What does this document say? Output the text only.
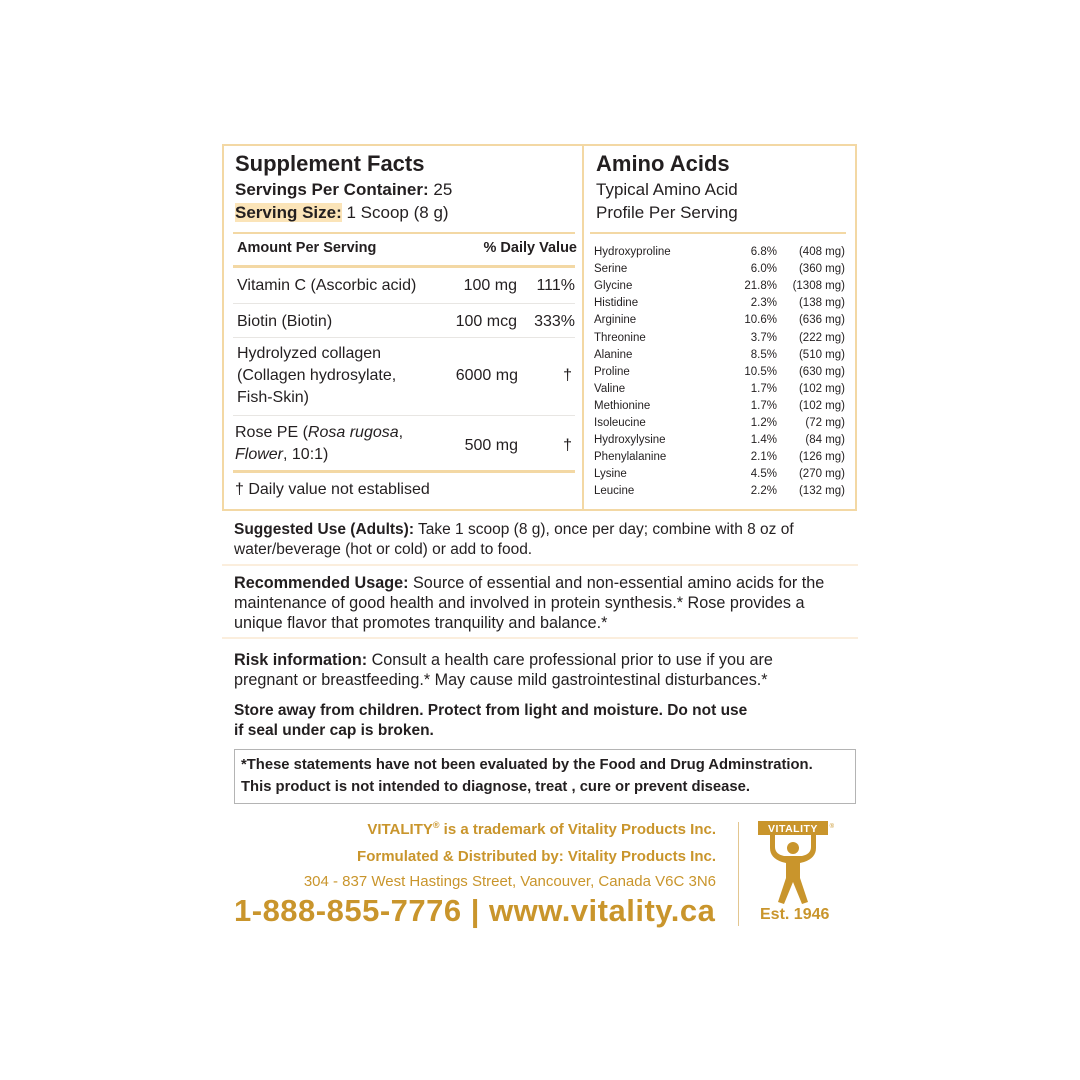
Supplement Facts
Servings Per Container: 25
Serving Size: 1 Scoop (8 g)
Amino Acids
Typical Amino Acid
Profile Per Serving
Amount Per Serving	% Daily Value
Vitamin C (Ascorbic acid)	100 mg 111%
Biotin (Biotin)	100 mcg 333%
Hydrolyzed collagen
(Collagen hydrosylate,
Fish-Skin)
6000 mg	†
Rose PE (Rosa rugosa,
Flower, 10:1)
500 mg	†
† Daily value not establised
Hydroxyproline	6.8% (408 mg)
Serine	6.0% (360 mg)
Glycine	21.8% (1308 mg)
Histidine	2.3% (138 mg)
Arginine	10.6% (636 mg)
Threonine	3.7% (222 mg)
Alanine	8.5% (510 mg)
Proline	10.5% (630 mg)
Valine	1.7% (102 mg)
Methionine	1.7% (102 mg)
Isoleucine	1.2% (72 mg)
Hydroxylysine	1.4% (84 mg)
Phenylalanine	2.1% (126 mg)
Lysine	4.5% (270 mg)
Leucine	2.2% (132 mg)
Suggested Use (Adults): Take 1 scoop (8 g), once per day; combine with 8 oz of
water/beverage (hot or cold) or add to food.
Recommended Usage: Source of essential and non-essential amino acids for the
maintenance of good health and involved in protein synthesis.* Rose provides a
unique flavor that promotes tranquility and balance.*
Risk information: Consult a health care professional prior to use if you are
pregnant or breastfeeding.* May cause mild gastrointestinal disturbances.*
Store away from children. Protect from light and moisture. Do not use
if seal under cap is broken.
*These statements have not been evaluated by the Food and Drug Adminstration.
This product is not intended to diagnose, treat , cure or prevent disease.
VITALITY® is a trademark of Vitality Products Inc.
Formulated & Distributed by: Vitality Products Inc.
304 - 837 West Hastings Street, Vancouver, Canada V6C 3N6
1-888-855-7776 | www.vitality.ca
VITALITY ®
Est. 1946
